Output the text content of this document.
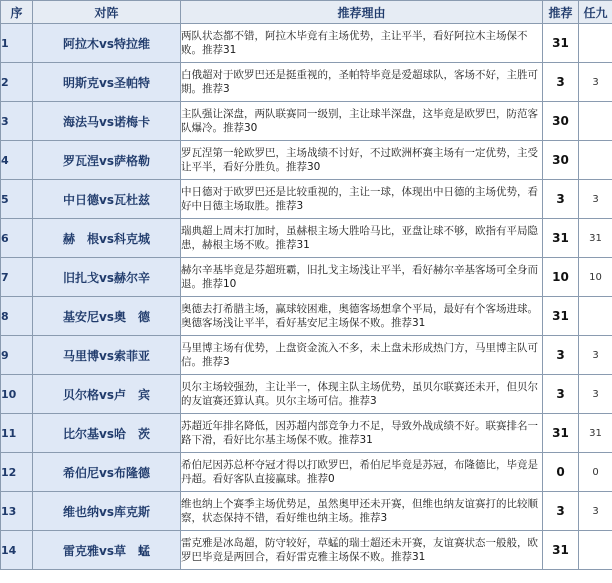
序	对阵	推荐理由	推荐	任九
1	阿拉木vs特拉维	两队状态都不错，阿拉木毕竟有主场优势，主让平半，看好阿拉木主场保不败。推荐31	31	
2	明斯克vs圣帕特	白俄超对于欧罗巴还是挺重视的，圣帕特毕竟是爱超球队，客场不好，主胜可期。推荐3	3	3
3	海法马vs诺梅卡	主队强让深盘，两队联赛同一级别，主让球半深盘，这毕竟是欧罗巴，防范客队爆冷。推荐30	30	
4	罗瓦涅vs萨格勒	罗瓦涅第一轮欧罗巴，主场战绩不讨好，不过欧洲杯赛主场有一定优势，主受让平半，看好分胜负。推荐30	30	
5	中日德vs瓦杜兹	中日德对于欧罗巴还是比较重视的，主让一球，体现出中日德的主场优势，看好中日德主场取胜。推荐3	3	3
6	赫　根vs科克城	瑞典超上周末打加时，虽赫根主场大胜哈马比，亚盘让球不够，欧指有平局隐患，赫根主场不败。推荐31	31	31
7	旧扎戈vs赫尔辛	赫尔辛基毕竟是芬超班霸，旧扎戈主场浅让平半，看好赫尔辛基客场可全身而退。推荐10	10	10
8	基安尼vs奥　德	奥德去打希腊主场，赢球较困难，奥德客场想拿个平局，最好有个客场进球。奥德客场浅让平半，看好基安尼主场保不败。推荐31	31	
9	马里博vs索菲亚	马里博主场有优势，上盘资金流入不多，未上盘未形成热门方，马里博主队可信。推荐3	3	3
10	贝尔格vs卢　宾	贝尔主场较强劲，主让半一，体现主队主场优势，虽贝尔联赛还未开，但贝尔的友谊赛还算认真。贝尔主场可信。推荐3	3	3
11	比尔基vs哈　茨	苏超近年排名降低，因苏超内部竞争力不足，导致外战成绩不好。联赛排名一路下滑，看好比尔基主场保不败。推荐31	31	31
12	希伯尼vs布隆德	希伯尼因苏总杯夺冠才得以打欧罗巴，希伯尼毕竟是苏冠，布隆德比，毕竟是丹超。看好客队直接赢球。推荐0	0	0
13	维也纳vs库克斯	维也纳上个赛季主场优势足，虽然奥甲还未开赛，但维也纳友谊赛打的比较顺察，状态保持不错，看好维也纳主场。推荐3	3	3
14	雷克雅vs草　蜢	雷克雅是冰岛超，防守较好，草蜢的瑞士超还未开赛，友谊赛状态一般般，欧罗巴毕竟是两回合，看好雷克雅主场保不败。推荐31	31	
